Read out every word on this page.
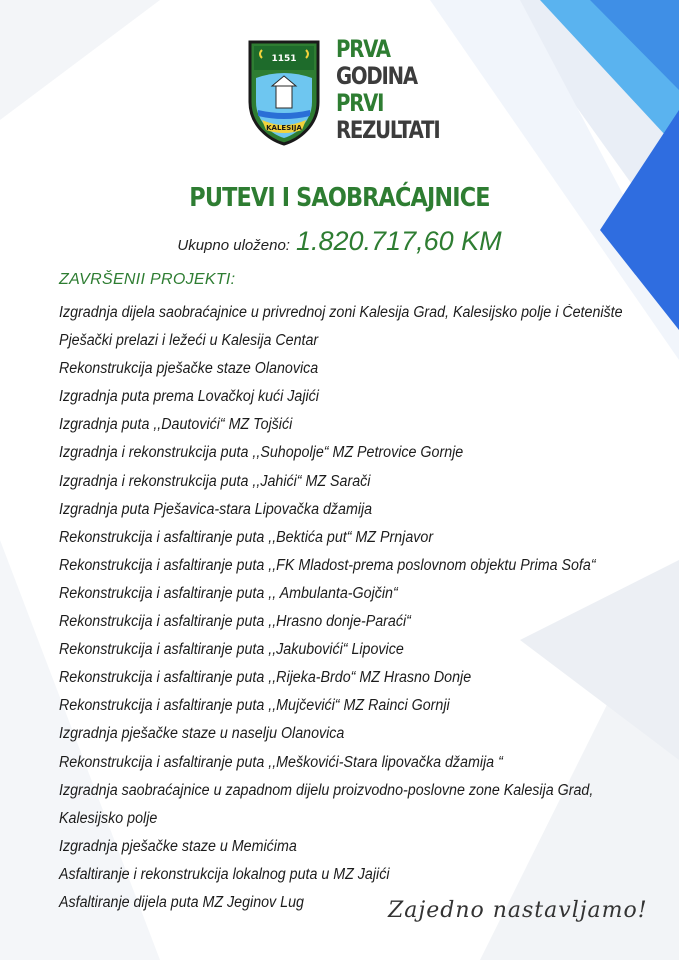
1151
KALESIJA
PRVA
GODINA
PRVI
REZULTATI
PUTEVI I SAOBRAĆAJNICE
Ukupno uloženo: 1.820.717,60 KM
ZAVRŠENII PROJEKTI:
Izgradnja dijela saobraćajnice u privrednoj zoni Kalesija Grad, Kalesijsko polje i Ćetenište
Pješački prelazi i ležeći u Kalesija Centar
Rekonstrukcija pješačke staze Olanovica
Izgradnja puta prema Lovačkoj kući Jajići
Izgradnja puta ,,Dautovići“ MZ Tojšići
Izgradnja i rekonstrukcija puta ,,Suhopolje“ MZ Petrovice Gornje
Izgradnja i rekonstrukcija puta ,,Jahići“ MZ Sarači
Izgradnja puta Pješavica-stara Lipovačka džamija
Rekonstrukcija i asfaltiranje puta ,,Bektića put“ MZ Prnjavor
Rekonstrukcija i asfaltiranje puta ,,FK Mladost-prema poslovnom objektu Prima Sofa“
Rekonstrukcija i asfaltiranje puta ,, Ambulanta-Gojčin“
Rekonstrukcija i asfaltiranje puta ,,Hrasno donje-Paraći“
Rekonstrukcija i asfaltiranje puta ,,Jakubovići“ Lipovice
Rekonstrukcija i asfaltiranje puta ,,Rijeka-Brdo“ MZ Hrasno Donje
Rekonstrukcija i asfaltiranje puta ,,Mujčevići“ MZ Rainci Gornji
Izgradnja pješačke staze u naselju Olanovica
Rekonstrukcija i asfaltiranje puta ,,Meškovići-Stara lipovačka džamija “
Izgradnja saobraćajnice u zapadnom dijelu proizvodno-poslovne zone Kalesija Grad,
Kalesijsko polje
Izgradnja pješačke staze u Memićima
Asfaltiranje i rekonstrukcija lokalnog puta u MZ Jajići
Asfaltiranje dijela puta MZ Jeginov Lug	Zajedno nastavljamo!
